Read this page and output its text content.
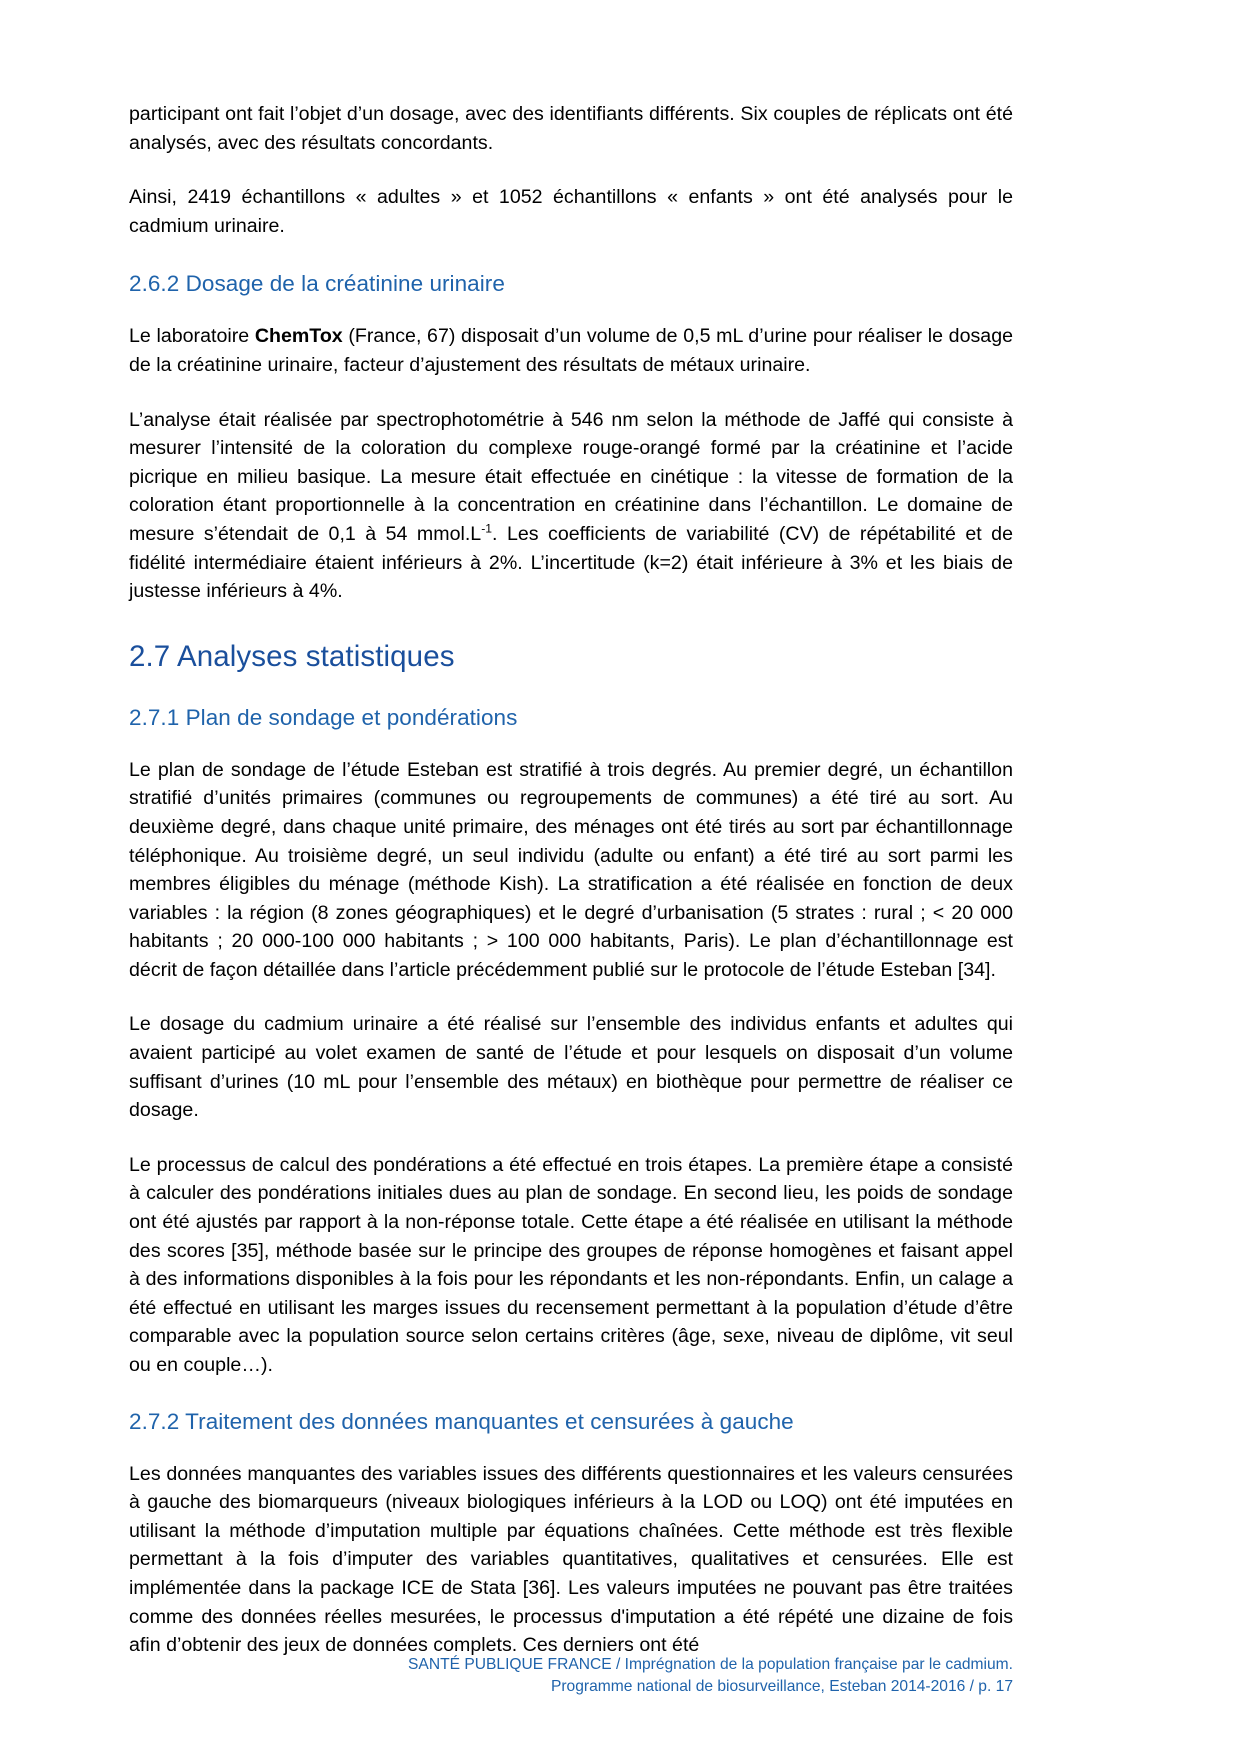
participant ont fait l’objet d’un dosage, avec des identifiants différents. Six couples de réplicats ont été analysés, avec des résultats concordants.

Ainsi, 2419 échantillons « adultes » et 1052 échantillons « enfants » ont été analysés pour le cadmium urinaire.

2.6.2 Dosage de la créatinine urinaire

Le laboratoire ChemTox (France, 67) disposait d’un volume de 0,5 mL d’urine pour réaliser le dosage de la créatinine urinaire, facteur d’ajustement des résultats de métaux urinaire.

L’analyse était réalisée par spectrophotométrie à 546 nm selon la méthode de Jaffé qui consiste à mesurer l’intensité de la coloration du complexe rouge-orangé formé par la créatinine et l’acide picrique en milieu basique. La mesure était effectuée en cinétique : la vitesse de formation de la coloration étant proportionnelle à la concentration en créatinine dans l’échantillon. Le domaine de mesure s’étendait de 0,1 à 54 $mmol.L^{-1}$. Les coefficients de variabilité (CV) de répétabilité et de fidélité intermédiaire étaient inférieurs à 2%. L’incertitude (k=2) était inférieure à 3% et les biais de justesse inférieurs à 4%.

2.7 Analyses statistiques
2.7.1 Plan de sondage et pondérations

Le plan de sondage de l’étude Esteban est stratifié à trois degrés. Au premier degré, un échantillon stratifié d’unités primaires (communes ou regroupements de communes) a été tiré au sort. Au deuxième degré, dans chaque unité primaire, des ménages ont été tirés au sort par échantillonnage téléphonique. Au troisième degré, un seul individu (adulte ou enfant) a été tiré au sort parmi les membres éligibles du ménage (méthode Kish). La stratification a été réalisée en fonction de deux variables : la région (8 zones géographiques) et le degré d’urbanisation (5 strates : rural ; < 20 000 habitants ; 20 000-100 000 habitants ; > 100 000 habitants, Paris). Le plan d’échantillonnage est décrit de façon détaillée dans l’article précédemment publié sur le protocole de l’étude Esteban [34].

Le dosage du cadmium urinaire a été réalisé sur l’ensemble des individus enfants et adultes qui avaient participé au volet examen de santé de l’étude et pour lesquels on disposait d’un volume suffisant d’urines (10 mL pour l’ensemble des métaux) en biothèque pour permettre de réaliser ce dosage.

Le processus de calcul des pondérations a été effectué en trois étapes. La première étape a consisté à calculer des pondérations initiales dues au plan de sondage. En second lieu, les poids de sondage ont été ajustés par rapport à la non-réponse totale. Cette étape a été réalisée en utilisant la méthode des scores [35], méthode basée sur le principe des groupes de réponse homogènes et faisant appel à des informations disponibles à la fois pour les répondants et les non-répondants. Enfin, un calage a été effectué en utilisant les marges issues du recensement permettant à la population d’étude d’être comparable avec la population source selon certains critères (âge, sexe, niveau de diplôme, vit seul ou en couple…).

2.7.2 Traitement des données manquantes et censurées à gauche

Les données manquantes des variables issues des différents questionnaires et les valeurs censurées à gauche des biomarqueurs (niveaux biologiques inférieurs à la LOD ou LOQ) ont été imputées en utilisant la méthode d’imputation multiple par équations chaînées. Cette méthode est très flexible permettant à la fois d’imputer des variables quantitatives, qualitatives et censurées. Elle est implémentée dans la package ICE de Stata [36]. Les valeurs imputées ne pouvant pas être traitées comme des données réelles mesurées, le processus d'imputation a été répété une dizaine de fois afin d’obtenir des jeux de données complets. Ces derniers ont été

SANTÉ PUBLIQUE FRANCE / Imprégnation de la population française par le cadmium.
Programme national de biosurveillance, Esteban 2014-2016 / p. 17
